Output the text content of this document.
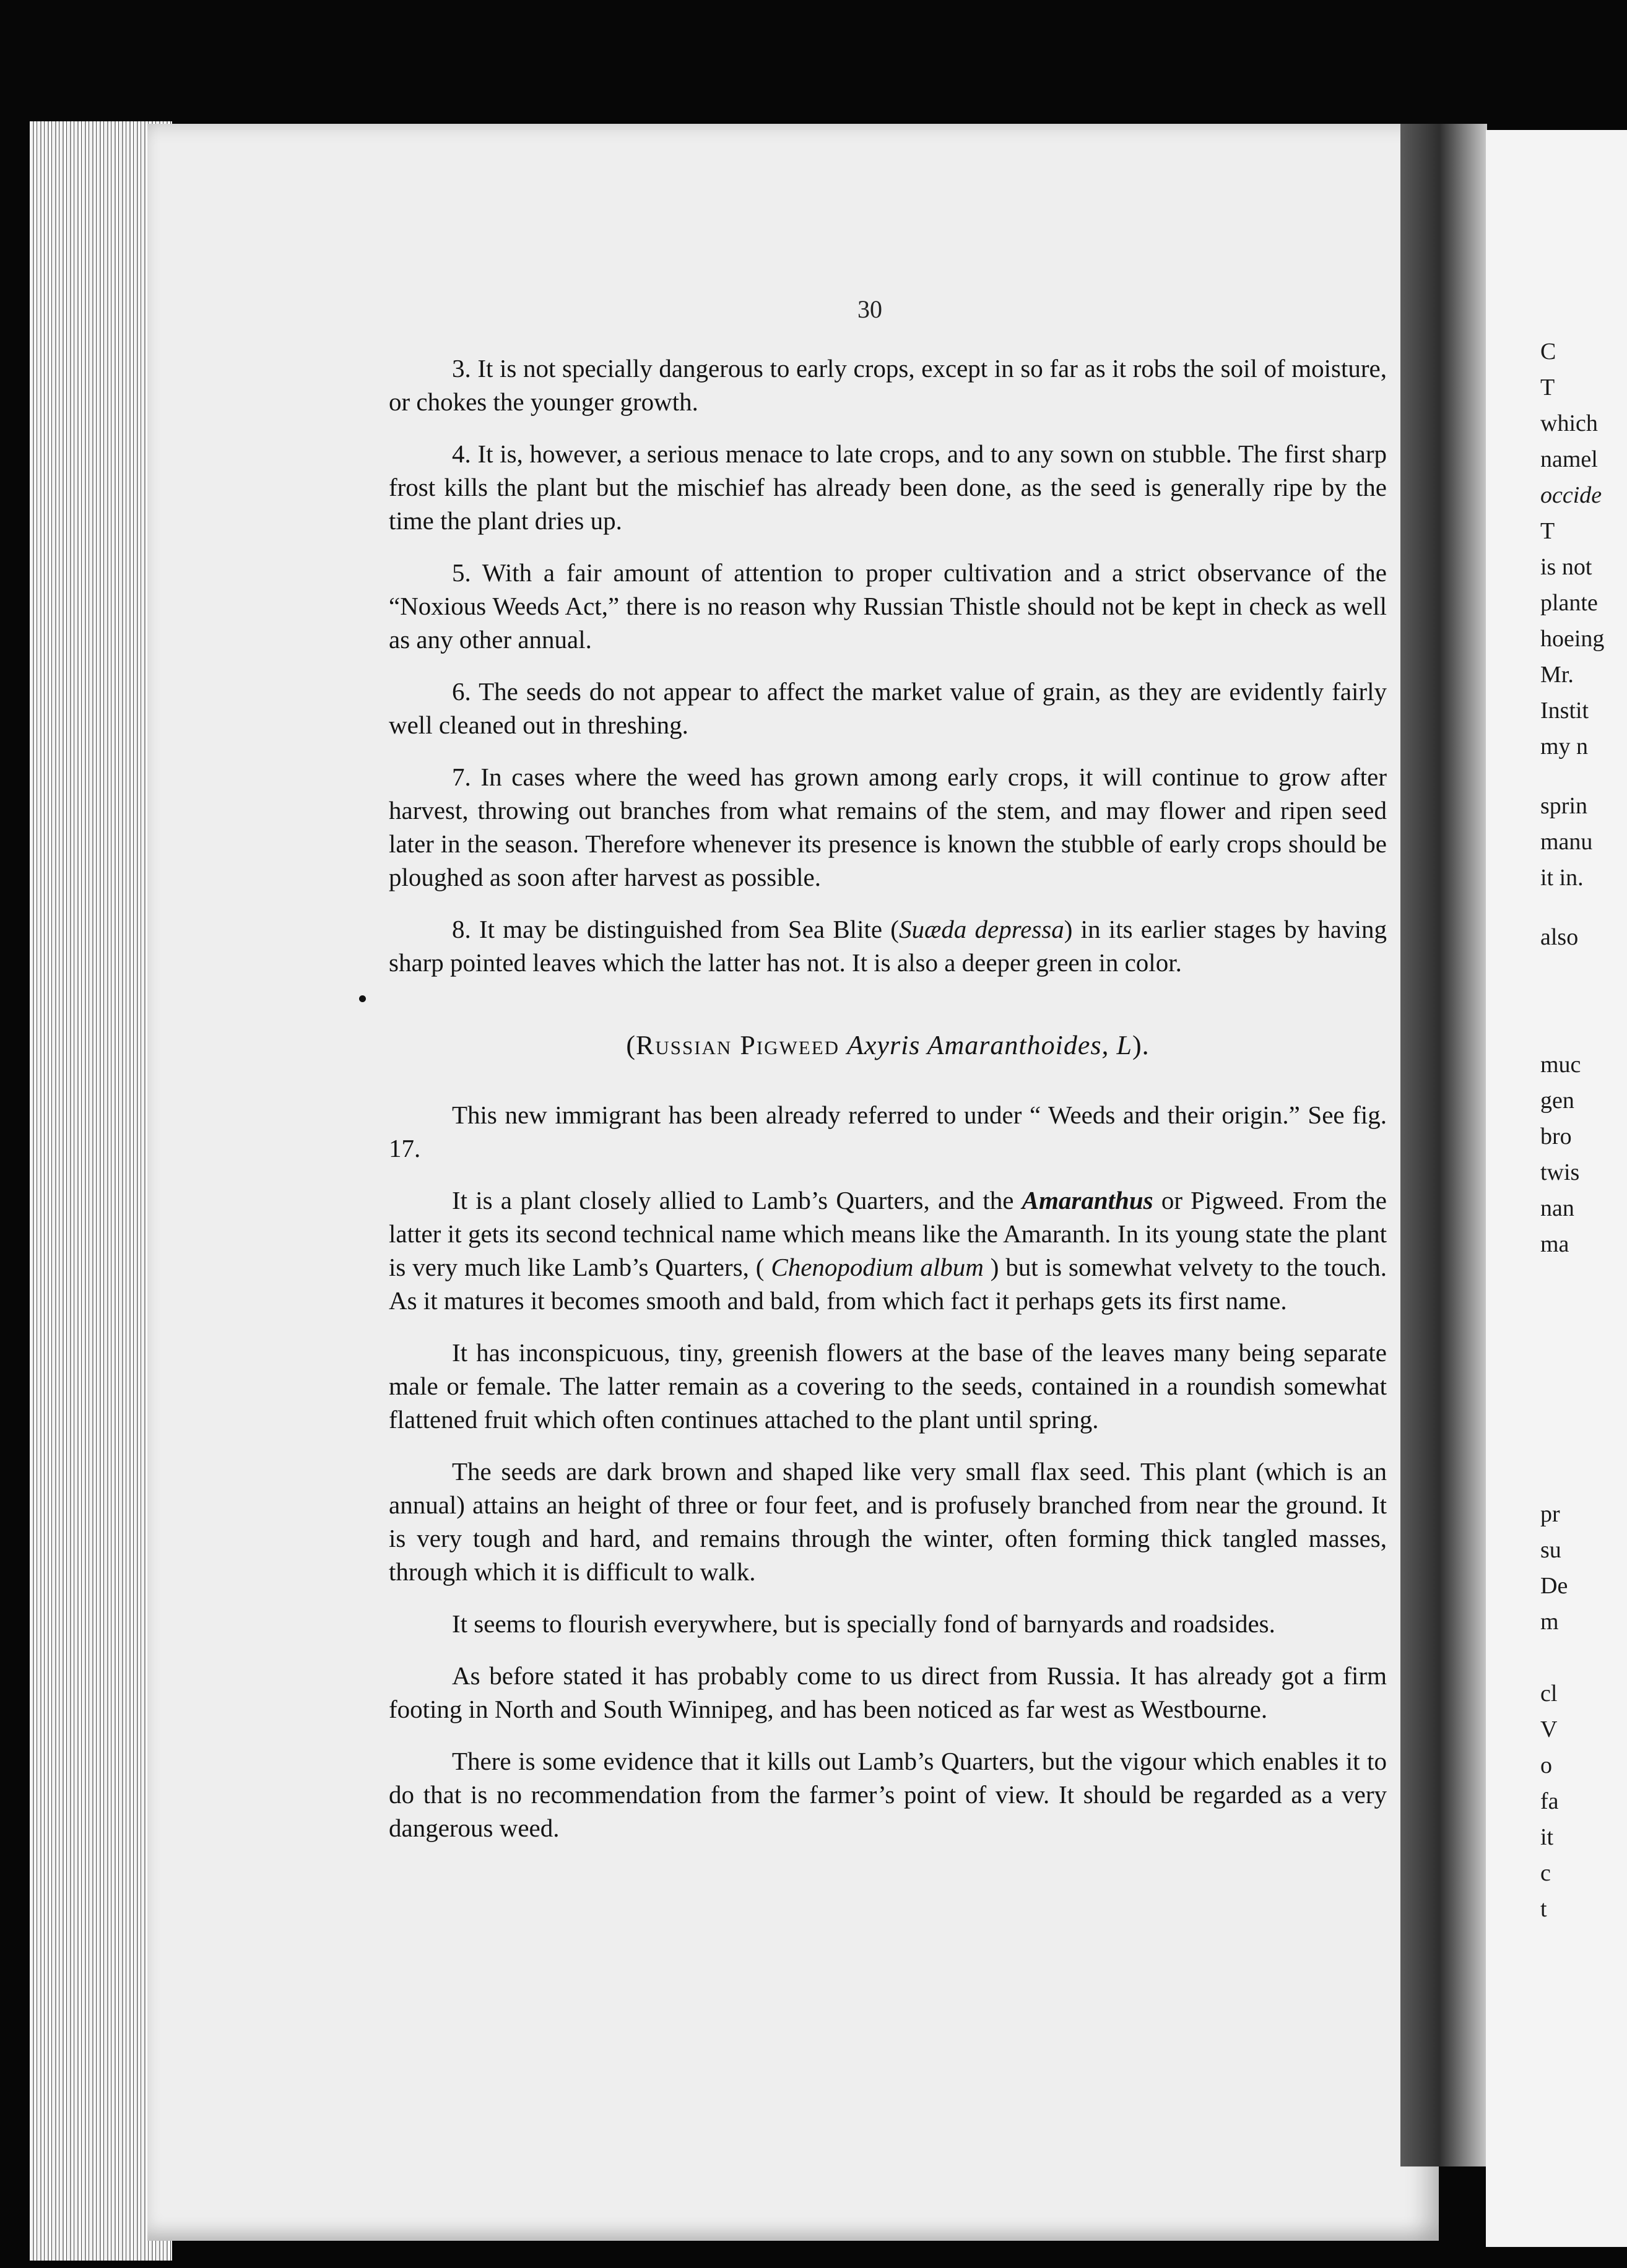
C
T
which
namel
occide
T
is not
plante
hoeing
Mr.
Instit
my n
sprin
manu
it in.
also
muc
gen
bro
twis
nan
ma
pr
su
De
m
cl
V
o
fa
it
c
t
30

3. It is not specially dangerous to early crops, except in so far as it robs the soil of moisture, or chokes the younger growth.

4. It is, however, a serious menace to late crops, and to any sown on stubble. The first sharp frost kills the plant but the mischief has already been done, as the seed is generally ripe by the time the plant dries up.

5. With a fair amount of attention to proper cultivation and a strict observance of the “Noxious Weeds Act,” there is no reason why Russian Thistle should not be kept in check as well as any other annual.

6. The seeds do not appear to affect the market value of grain, as they are evidently fairly well cleaned out in threshing.

7. In cases where the weed has grown among early crops, it will continue to grow after harvest, throwing out branches from what remains of the stem, and may flower and ripen seed later in the season. Therefore whenever its presence is known the stubble of early crops should be ploughed as soon after harvest as possible.

8. It may be distinguished from Sea Blite (Suæda depressa) in its earlier stages by having sharp pointed leaves which the latter has not. It is also a deeper green in color.

(Russian Pigweed Axyris Amaranthoides, L).

This new immigrant has been already referred to under “ Weeds and their origin.” See fig. 17.

It is a plant closely allied to Lamb’s Quarters, and the Amaranthus or Pigweed. From the latter it gets its second technical name which means like the Amaranth. In its young state the plant is very much like Lamb’s Quarters, ( Chenopodium album ) but is somewhat velvety to the touch. As it matures it becomes smooth and bald, from which fact it perhaps gets its first name.

It has inconspicuous, tiny, greenish flowers at the base of the leaves many being separate male or female. The latter remain as a covering to the seeds, contained in a roundish somewhat flattened fruit which often continues attached to the plant until spring.

The seeds are dark brown and shaped like very small flax seed. This plant (which is an annual) attains an height of three or four feet, and is profusely branched from near the ground. It is very tough and hard, and remains through the winter, often forming thick tangled masses, through which it is difficult to walk.

It seems to flourish everywhere, but is specially fond of barnyards and roadsides.

As before stated it has probably come to us direct from Russia. It has already got a firm footing in North and South Winnipeg, and has been noticed as far west as Westbourne.

There is some evidence that it kills out Lamb’s Quarters, but the vigour which enables it to do that is no recommendation from the farmer’s point of view. It should be regarded as a very dangerous weed.
